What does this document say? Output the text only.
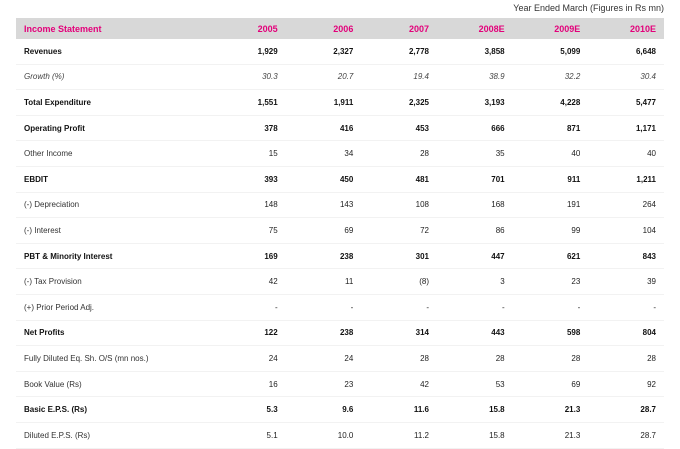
Year Ended March (Figures in Rs mn)
Income Statement	2005	2006	2007	2008E	2009E	2010E
Revenues	1,929	2,327	2,778	3,858	5,099	6,648
Growth (%)	30.3	20.7	19.4	38.9	32.2	30.4
Total Expenditure	1,551	1,911	2,325	3,193	4,228	5,477
Operating Profit	378	416	453	666	871	1,171
Other Income	15	34	28	35	40	40
EBDIT	393	450	481	701	911	1,211
(-) Depreciation	148	143	108	168	191	264
(-) Interest	75	69	72	86	99	104
PBT & Minority Interest	169	238	301	447	621	843
(-) Tax Provision	42	11	(8)	3	23	39
(+) Prior Period Adj.	-	-	-	-	-	-
Net Profits	122	238	314	443	598	804
Fully Diluted Eq. Sh. O/S (mn nos.)	24	24	28	28	28	28
Book Value (Rs)	16	23	42	53	69	92
Basic E.P.S. (Rs)	5.3	9.6	11.6	15.8	21.3	28.7
Diluted E.P.S. (Rs)	5.1	10.0	11.2	15.8	21.3	28.7
